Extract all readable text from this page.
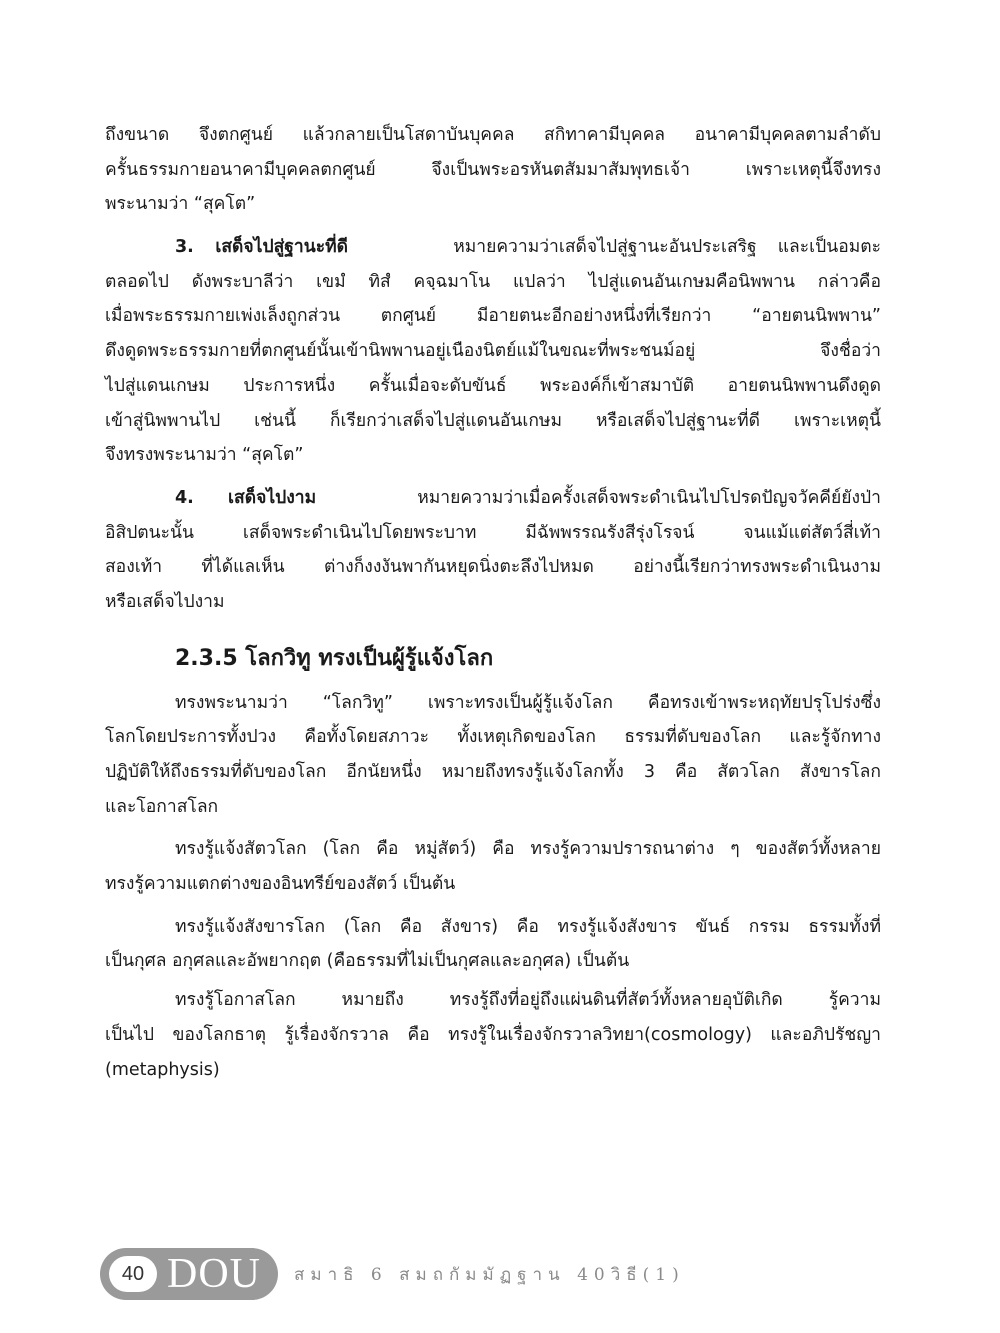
ถึงขนาด จึงตกศูนย์ แล้วกลายเป็นโสดาบันบุคคล สกิทาคามีบุคคล อนาคามีบุคคลตามลำดับ
ครั้นธรรมกายอนาคามีบุคคลตกศูนย์ จึงเป็นพระอรหันตสัมมาสัมพุทธเจ้า เพราะเหตุนี้จึงทรง
พระนามว่า “สุคโต”
3. เสด็จไปสู่ฐานะที่ดี	หมายความว่าเสด็จไปสู่ฐานะอันประเสริฐ และเป็นอมตะ
ตลอดไป ดังพระบาลีว่า เขมํ ทิสํ คจฺฉมาโน แปลว่า ไปสู่แดนอันเกษมคือนิพพาน กล่าวคือ
เมื่อพระธรรมกายเพ่งเล็งถูกส่วน ตกศูนย์ มีอายตนะอีกอย่างหนึ่งที่เรียกว่า “อายตนนิพพาน”
ดึงดูดพระธรรมกายที่ตกศูนย์นั้นเข้านิพพานอยู่เนืองนิตย์แม้ในขณะที่พระชนม์อยู่ จึงชื่อว่า
ไปสู่แดนเกษม ประการหนึ่ง ครั้นเมื่อจะดับขันธ์ พระองค์ก็เข้าสมาบัติ อายตนนิพพานดึงดูด
เข้าสู่นิพพานไป เช่นนี้ ก็เรียกว่าเสด็จไปสู่แดนอันเกษม หรือเสด็จไปสู่ฐานะที่ดี เพราะเหตุนี้
จึงทรงพระนามว่า “สุคโต”
4. เสด็จไปงาม	หมายความว่าเมื่อครั้งเสด็จพระดำเนินไปโปรดปัญจวัคคีย์ยังป่า
อิสิปตนะนั้น เสด็จพระดำเนินไปโดยพระบาท มีฉัพพรรณรังสีรุ่งโรจน์ จนแม้แต่สัตว์สี่เท้า
สองเท้า ที่ได้แลเห็น ต่างก็งงงันพากันหยุดนิ่งตะลึงไปหมด อย่างนี้เรียกว่าทรงพระดำเนินงาม
หรือเสด็จไปงาม
2.3.5 โลกวิทู ทรงเป็นผู้รู้แจ้งโลก
ทรงพระนามว่า “โลกวิทู” เพราะทรงเป็นผู้รู้แจ้งโลก คือทรงเข้าพระหฤทัยปรุโปร่งซึ่ง
โลกโดยประการทั้งปวง คือทั้งโดยสภาวะ ทั้งเหตุเกิดของโลก ธรรมที่ดับของโลก และรู้จักทาง
ปฏิบัติให้ถึงธรรมที่ดับของโลก อีกนัยหนึ่ง หมายถึงทรงรู้แจ้งโลกทั้ง 3 คือ สัตวโลก สังขารโลก
และโอกาสโลก
ทรงรู้แจ้งสัตวโลก (โลก คือ หมู่สัตว์) คือ ทรงรู้ความปรารถนาต่าง ๆ ของสัตว์ทั้งหลาย
ทรงรู้ความแตกต่างของอินทรีย์ของสัตว์ เป็นต้น
ทรงรู้แจ้งสังขารโลก (โลก คือ สังขาร) คือ ทรงรู้แจ้งสังขาร ขันธ์ กรรม ธรรมทั้งที่
เป็นกุศล อกุศลและอัพยากฤต (คือธรรมที่ไม่เป็นกุศลและอกุศล) เป็นต้น
ทรงรู้โอกาสโลก หมายถึง ทรงรู้ถึงที่อยู่ถึงแผ่นดินที่สัตว์ทั้งหลายอุบัติเกิด รู้ความ
เป็นไป ของโลกธาตุ รู้เรื่องจักรวาล คือ ทรงรู้ในเรื่องจักรวาลวิทยา(cosmology) และอภิปรัชญา
(metaphysis)
40 DOU สมาธิ 6 สมถกัมมัฏฐาน 40วิธี(1)
